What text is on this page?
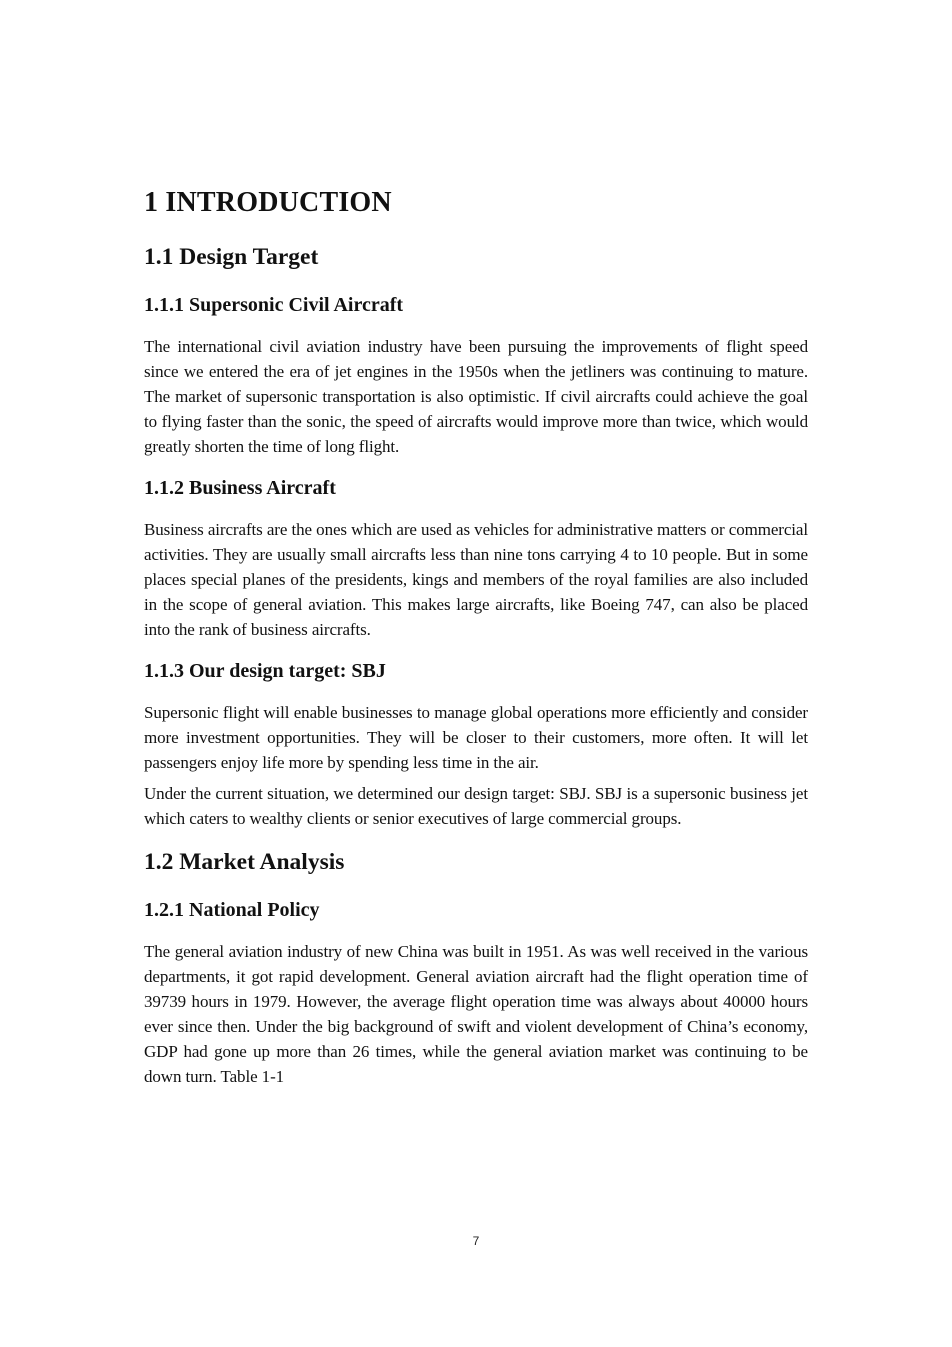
1 INTRODUCTION
1.1 Design Target
1.1.1 Supersonic Civil Aircraft

The international civil aviation industry have been pursuing the improvements of flight speed since we entered the era of jet engines in the 1950s when the jetliners was continuing to mature. The market of supersonic transportation is also optimistic. If civil aircrafts could achieve the goal to flying faster than the sonic, the speed of aircrafts would improve more than twice, which would greatly shorten the time of long flight.

1.1.2 Business Aircraft

Business aircrafts are the ones which are used as vehicles for administrative matters or commercial activities. They are usually small aircrafts less than nine tons carrying 4 to 10 people. But in some places special planes of the presidents, kings and members of the royal families are also included in the scope of general aviation. This makes large aircrafts, like Boeing 747, can also be placed into the rank of business aircrafts.

1.1.3 Our design target: SBJ

Supersonic flight will enable businesses to manage global operations more efficiently and consider more investment opportunities. They will be closer to their customers, more often. It will let passengers enjoy life more by spending less time in the air.

Under the current situation, we determined our design target: SBJ. SBJ is a supersonic business jet which caters to wealthy clients or senior executives of large commercial groups.

1.2 Market Analysis
1.2.1 National Policy

The general aviation industry of new China was built in 1951. As was well received in the various departments, it got rapid development. General aviation aircraft had the flight operation time of 39739 hours in 1979. However, the average flight operation time was always about 40000 hours ever since then. Under the big background of swift and violent development of China’s economy, GDP had gone up more than 26 times, while the general aviation market was continuing to be down turn. Table 1-1

7
